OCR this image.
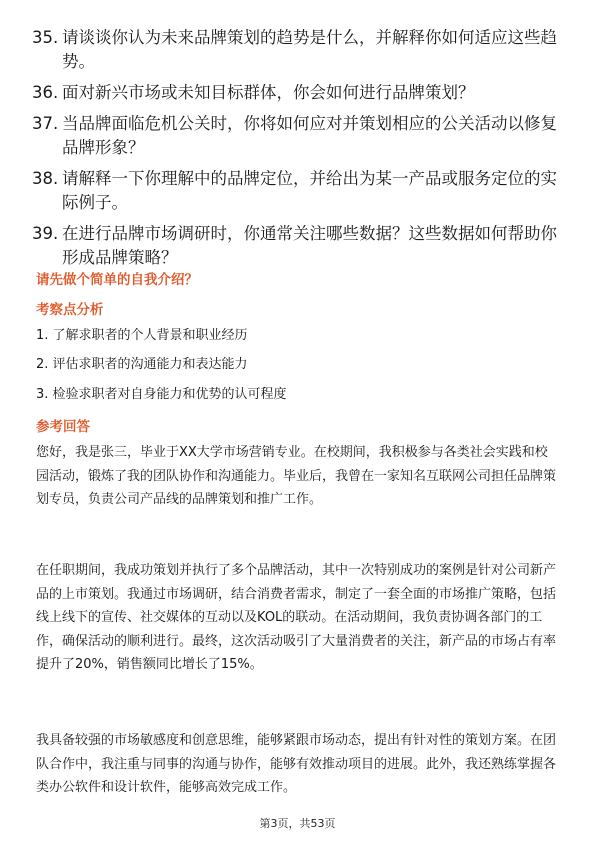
35. 请谈谈你认为未来品牌策划的趋势是什么，并解释你如何适应这些趋势。
36. 面对新兴市场或未知目标群体，你会如何进行品牌策划？
37. 当品牌面临危机公关时，你将如何应对并策划相应的公关活动以修复品牌形象？
38. 请解释一下你理解中的品牌定位，并给出为某一产品或服务定位的实际例子。
39. 在进行品牌市场调研时，你通常关注哪些数据？这些数据如何帮助你形成品牌策略？
请先做个简单的自我介绍？
考察点分析
1. 了解求职者的个人背景和职业经历
2. 评估求职者的沟通能力和表达能力
3. 检验求职者对自身能力和优势的认可程度
参考回答

您好，我是张三，毕业于XX大学市场营销专业。在校期间，我积极参与各类社会实践和校园活动，锻炼了我的团队协作和沟通能力。毕业后，我曾在一家知名互联网公司担任品牌策划专员，负责公司产品线的品牌策划和推广工作。

在任职期间，我成功策划并执行了多个品牌活动，其中一次特别成功的案例是针对公司新产品的上市策划。我通过市场调研，结合消费者需求，制定了一套全面的市场推广策略，包括线上线下的宣传、社交媒体的互动以及KOL的联动。在活动期间，我负责协调各部门的工作，确保活动的顺利进行。最终，这次活动吸引了大量消费者的关注，新产品的市场占有率提升了20%，销售额同比增长了15%。

我具备较强的市场敏感度和创意思维，能够紧跟市场动态，提出有针对性的策划方案。在团队合作中，我注重与同事的沟通与协作，能够有效推动项目的进展。此外，我还熟练掌握各类办公软件和设计软件，能够高效完成工作。

第3页，共53页
